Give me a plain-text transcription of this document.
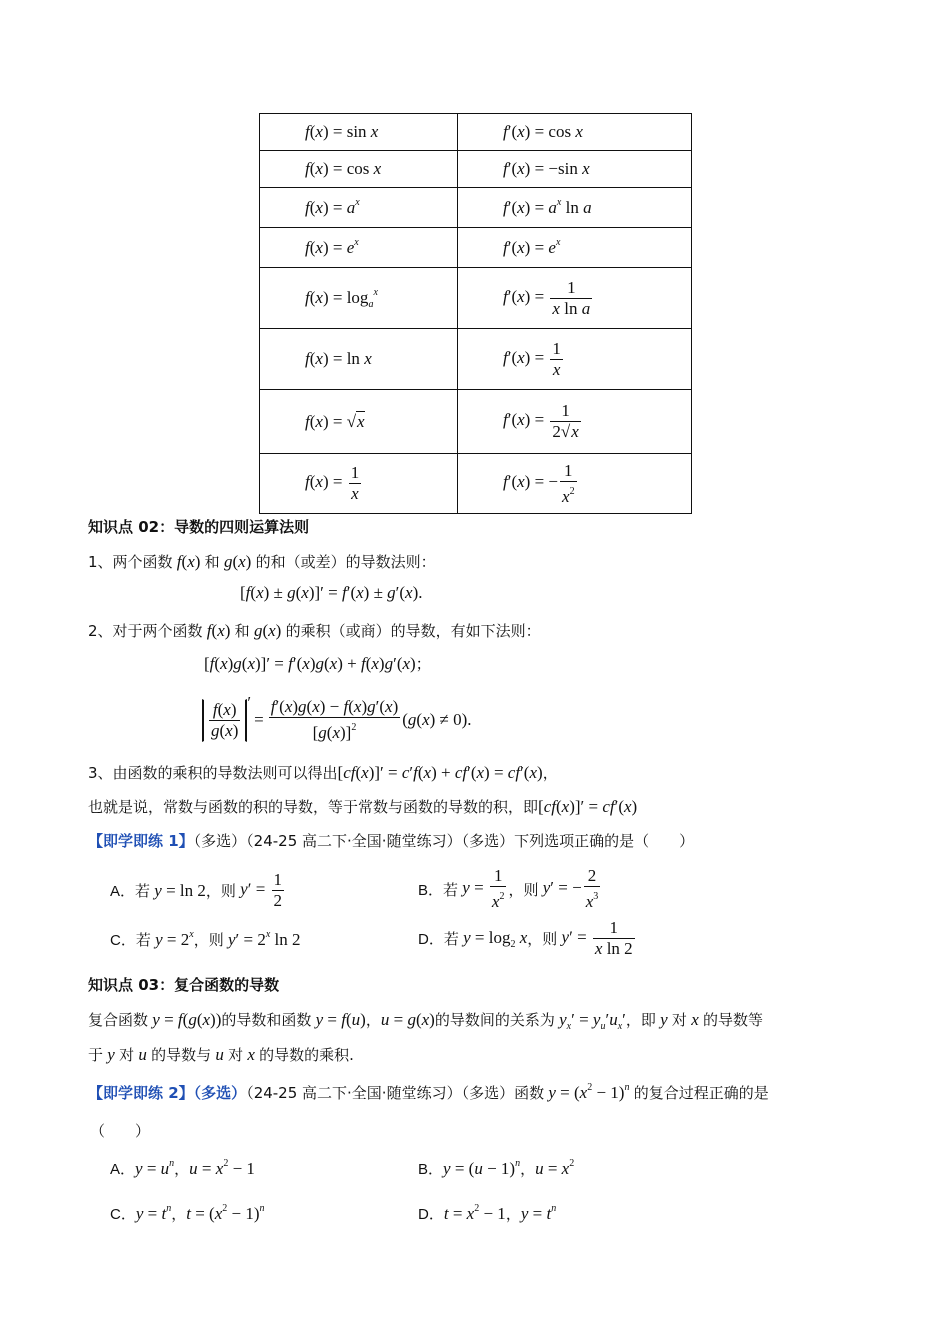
f(x) = sin x	f′(x) = cos x
f(x) = cos x	f′(x) = −sin x
$f(x) = a^x$	$f'(x) = a^x$ ln a
$f(x) = e^x$	$f'(x) = e^x$
$f(x) = \log_a^x$	$f'(x) = \frac{1}{\text{x ln a}}$

f(x) = ln x	$f'(x) = \frac{1}{x}$

f(x) = √x	$f'(x) = \frac{1}{2√x}$

$f(x) = \frac{1}{x}$	f′(x) = − $\frac{1}{x^2}$
知识点 02：导数的四则运算法则
1、两个函数 f(x) 和 g(x) 的和（或差）的导数法则：
[f(x) ± g(x)]′ = f′(x) ± g′(x).
2、对于两个函数 f(x) 和 g(x) 的乘积（或商）的导数，有如下法则：
[f(x)g(x)]′ = f′(x)g(x) + f(x)g′(x)；
$\frac{f(x)}{g(x)}$ ′
= $\frac{f'(x)g(x) - f(x)g'(x)}{[g(x)]^2}$ ( g ( x ) ≠ 0) .
3、由函数的乘积的导数法则可以得出[cf(x)]′ = c′f(x) + cf′(x) = cf′(x)，
也就是说，常数与函数的积的导数，等于常数与函数的导数的积，即[cf(x)]′ = cf′(x)
【即学即练 1】（多选）（24-25 高二下·全国·随堂练习）（多选）下列选项正确的是（　　）
A． 若 y = ln 2 ， 则 $y' = \frac{1}{2}$	B． 若 $y = \frac{1}{x^2}$ ， 则 y′ = − $\frac{2}{x^3}$
C． 若 $y = 2^x$ ， 则 $y' = 2^x$ ln 2	D． 若 $y = \log_2 x$ ， 则 $y' = \frac{1}{\text{x ln 2}}$
知识点 03：复合函数的导数
复合函数 y = f(g(x))的导数和函数 y = f(u)，u = g(x)的导数间的关系为 $y_x' = y_u'u_x'$，即 y 对 x 的导数等
于 y 对 u 的导数与 u 对 x 的导数的乘积.
【即学即练 2】（多选）（24-25 高二下·全国·随堂练习）（多选）函数 $y = (x^2 - 1)^n$ 的复合过程正确的是
（　　）
A．$y = u^n$，$u = x^2 - 1$	B．$y = (u - 1)^n$，$u = x^2$
C．$y = t^n$，$t = (x^2 - 1)^n$	D．$t = x^2 - 1$，$y = t^n$
